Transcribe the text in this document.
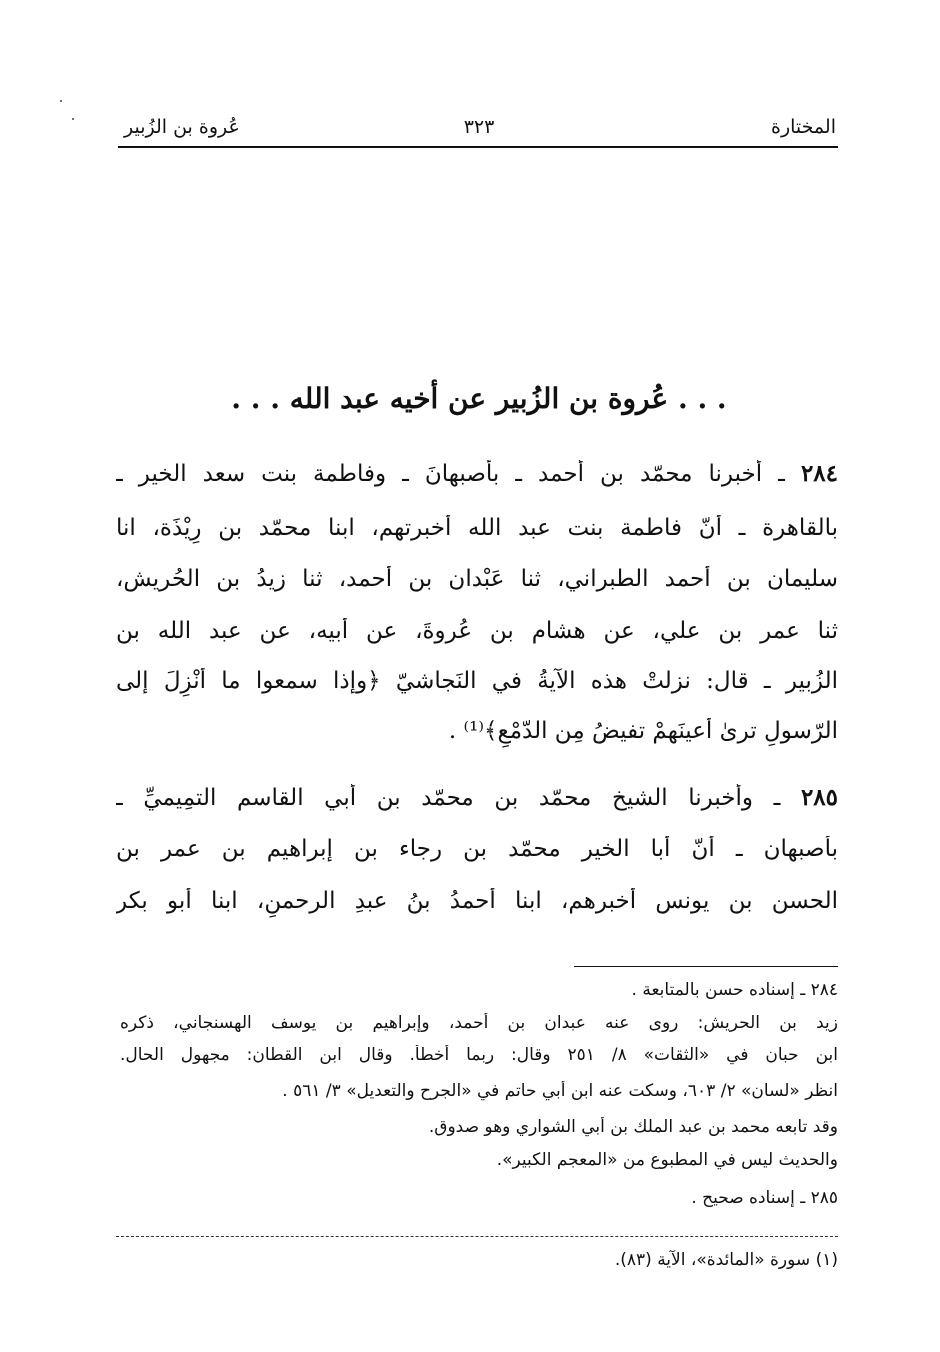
المختارة
٣٢٣
عُروة بن الزُبير
. . . عُروة بن الزُبير عن أخيه عبد الله . . .
٢٨٤ ـ أخبرنا محمّد بن أحمد ـ بأصبهانَ ـ وفاطمة بنت سعد الخير ـ
بالقاهرة ـ أنّ فاطمة بنت عبد الله أخبرتهم، ابنا محمّد بن رِيْذَة، انا
سليمان بن أحمد الطبراني، ثنا عَبْدان بن أحمد، ثنا زيدُ بن الحُريش،
ثنا عمر بن علي، عن هشام بن عُروةَ، عن أبيه، عن عبد الله بن
الزُبير ـ قال: نزلتْ هذه الآيةُ في النَجاشيّ ﴿وإذا سمعوا ما أُنْزِلَ إلى
الرّسولِ ترىٰ أعينَهمْ تفيضُ مِن الدّمْعِ﴾⁽¹⁾ .
٢٨٥ ـ وأخبرنا الشيخ محمّد بن محمّد بن أبي القاسم التمِيميِّ ـ
بأصبهان ـ أنّ أبا الخير محمّد بن رجاء بن إبراهيم بن عمر بن
الحسن بن يونس أخبرهم، ابنا أحمدُ بنُ عبدِ الرحمنِ، ابنا أبو بكر
٢٨٤ ـ إسناده حسن بالمتابعة .
زيد بن الحريش: روى عنه عبدان بن أحمد، وإبراهيم بن يوسف الهسنجاني، ذكره
ابن حبان في «الثقات» ٨/ ٢٥١ وقال: ربما أخطأ. وقال ابن القطان: مجهول الحال.
انظر «لسان» ٢/ ٦٠٣، وسكت عنه ابن أبي حاتم في «الجرح والتعديل» ٣/ ٥٦١ .
وقد تابعه محمد بن عبد الملك بن أبي الشواري وهو صدوق.
والحديث ليس في المطبوع من «المعجم الكبير».
٢٨٥ ـ إسناده صحيح .
(١) سورة «المائدة»، الآية (٨٣).
